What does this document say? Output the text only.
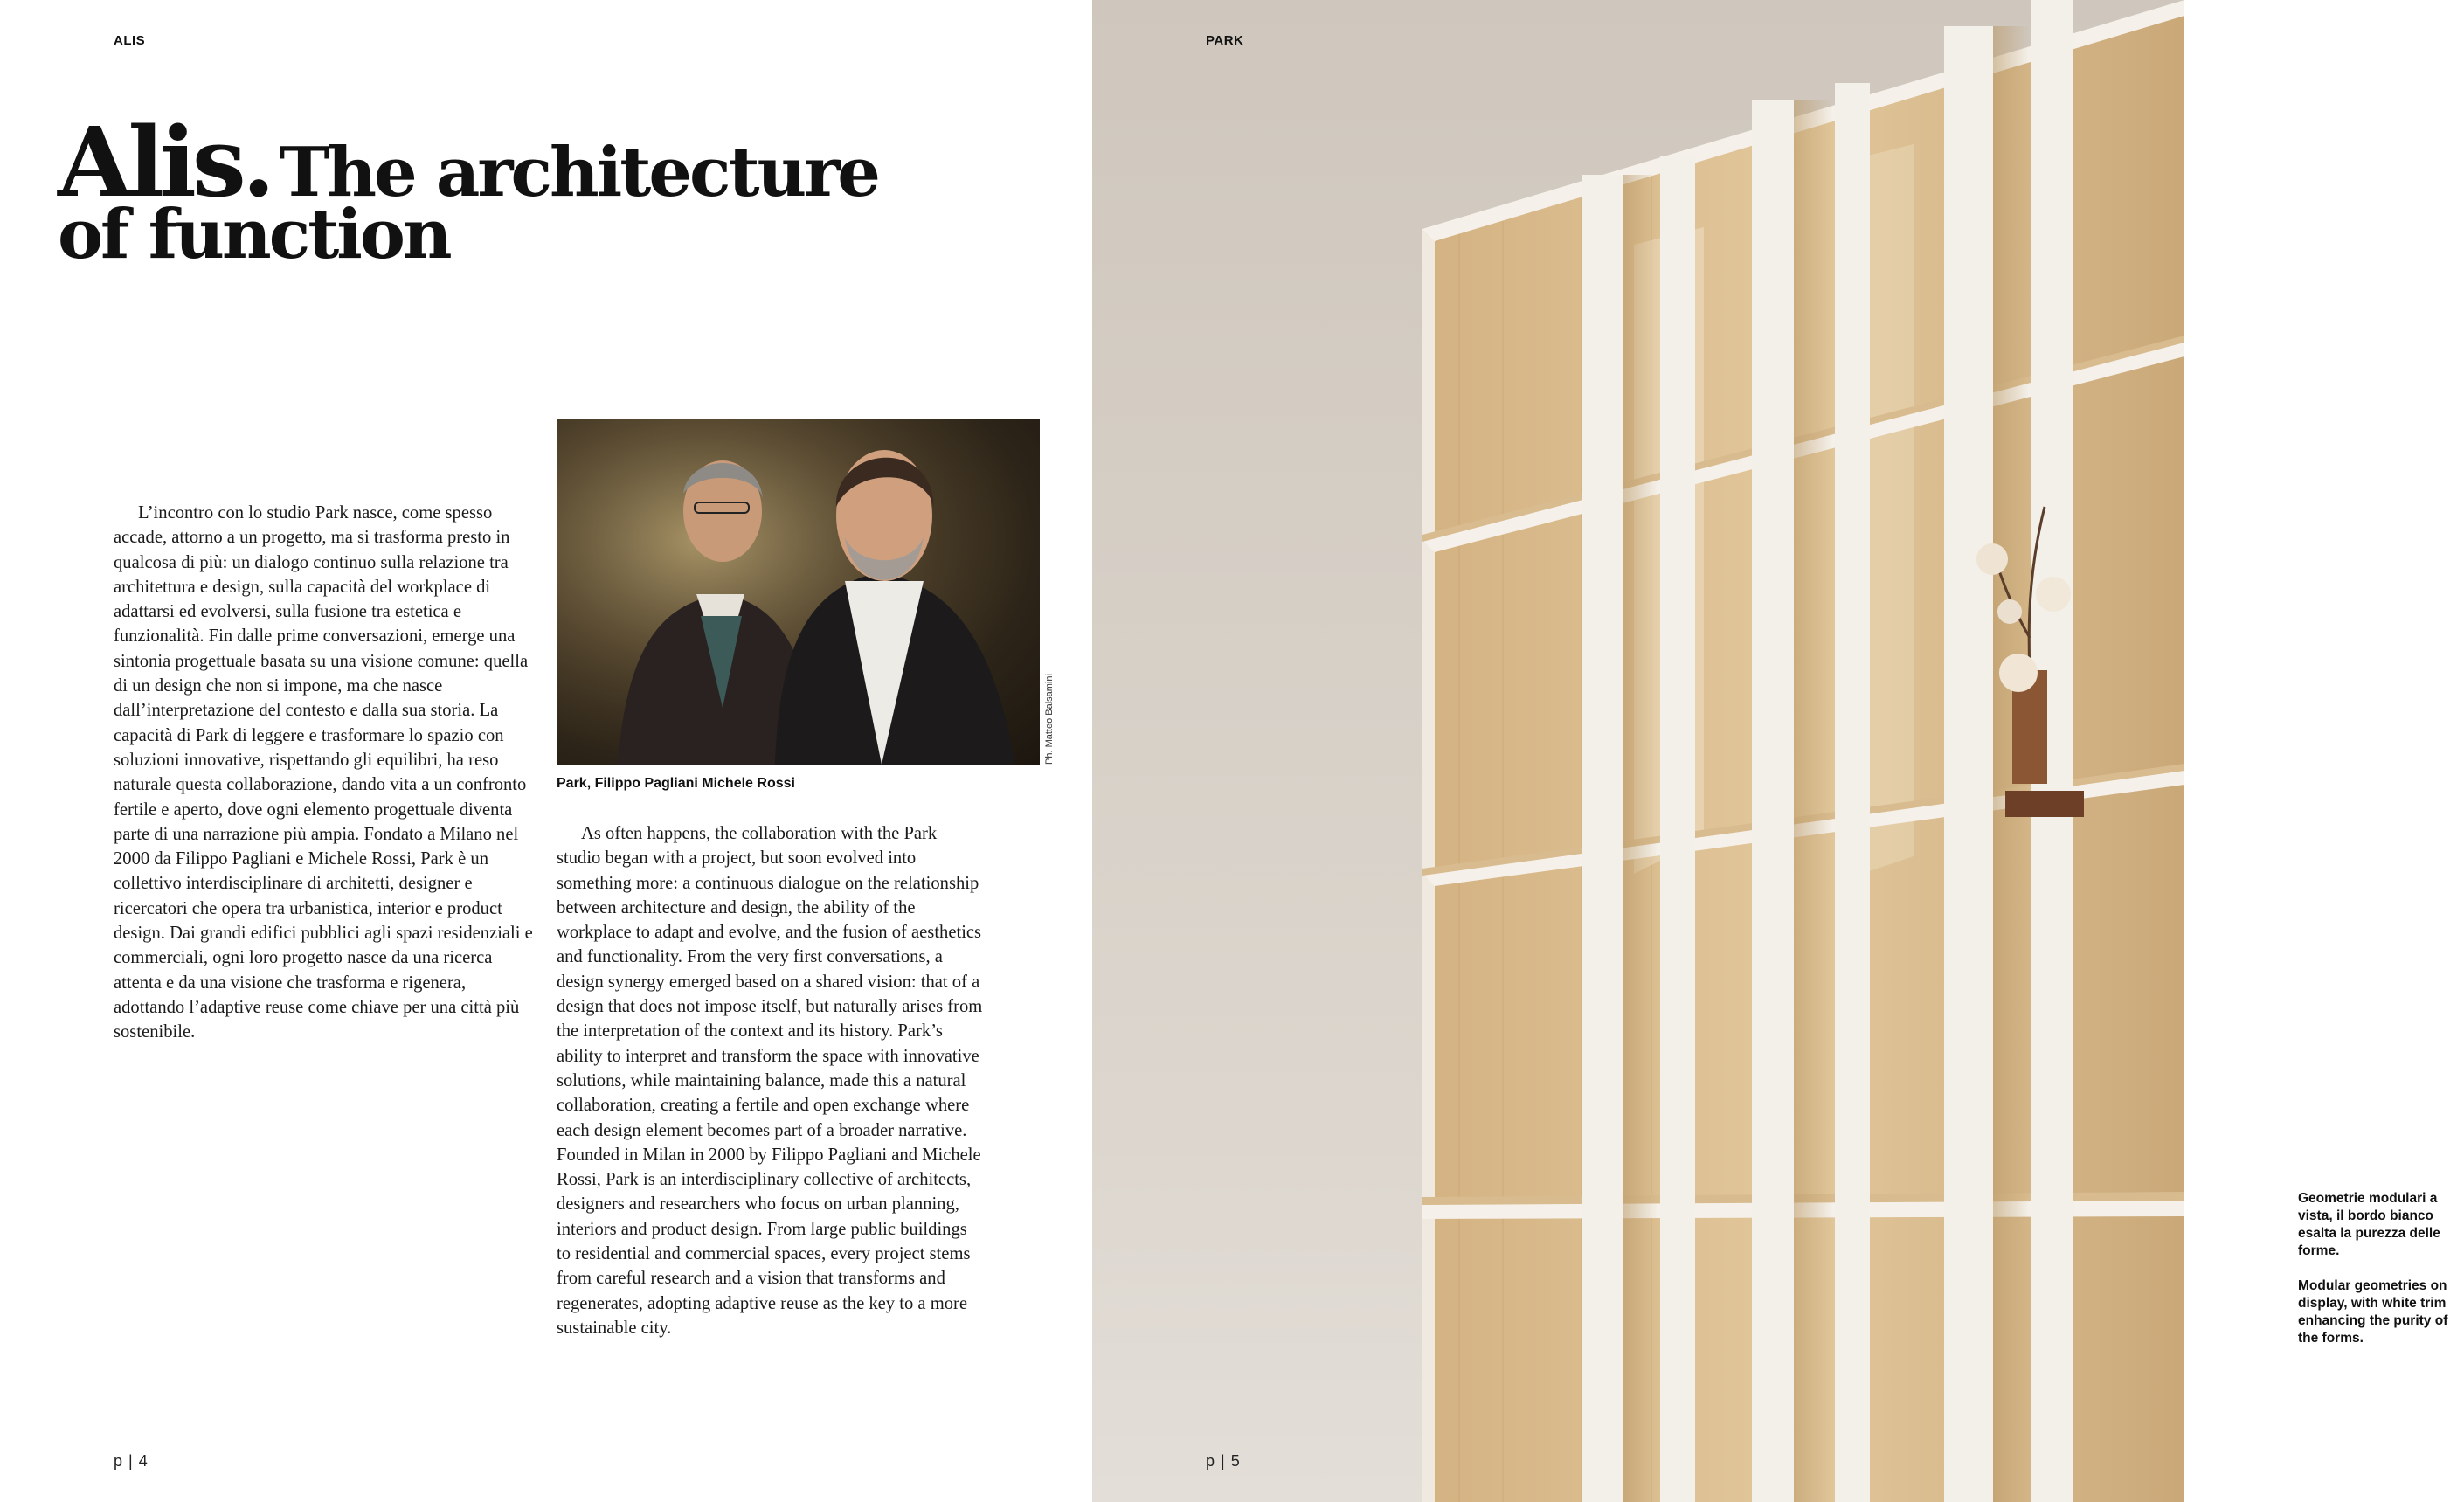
ALIS
Alis. The architecture
of function

L’incontro con lo studio Park nasce, come spesso accade, attorno a un progetto, ma si trasforma presto in qualcosa di più: un dialogo continuo sulla relazione tra architettura e design, sulla capacità del workplace di adattarsi ed evolversi, sulla fusione tra estetica e funzionalità. Fin dalle prime conversazioni, emerge una sintonia progettuale basata su una visione comune: quella di un design che non si impone, ma che nasce dall’interpretazione del contesto e dalla sua storia. La capacità di Park di leggere e trasformare lo spazio con soluzioni innovative, rispettando gli equilibri, ha reso naturale questa collaborazione, dando vita a un confronto fertile e aperto, dove ogni elemento progettuale diventa parte di una narrazione più ampia. Fondato a Milano nel 2000 da Filippo Pagliani e Michele Rossi, Park è un collettivo interdisciplinare di architetti, designer e ricercatori che opera tra urbanistica, interior e product design. Dai grandi edifici pubblici agli spazi residenziali e commerciali, ogni loro progetto nasce da una ricerca attenta e da una visione che trasforma e rigenera, adottando l’adaptive reuse come chiave per una città più sostenibile.

Ph. Matteo Balsamini
Park, Filippo Pagliani Michele Rossi

As often happens, the collaboration with the Park studio began with a project, but soon evolved into something more: a continuous dialogue on the relationship between architecture and design, the ability of the workplace to adapt and evolve, and the fusion of aesthetics and functionality. From the very first conversations, a design synergy emerged based on a shared vision: that of a design that does not impose itself, but naturally arises from the interpretation of the context and its history. Park’s ability to interpret and transform the space with innovative solutions, while maintaining balance, made this a natural collaboration, creating a fertile and open exchange where each design element becomes part of a broader narrative. Founded in Milan in 2000 by Filippo Pagliani and Michele Rossi, Park is an interdisciplinary collective of architects, designers and researchers who focus on urban planning, interiors and product design. From large public buildings to residential and commercial spaces, every project stems from careful research and a vision that transforms and regenerates, adopting adaptive reuse as the key to a more sustainable city.

p | 4
PARK

Geometrie modulari a vista, il bordo bianco esalta la purezza delle forme.

Modular geometries on display, with white trim enhancing the purity of the forms.

p | 5
